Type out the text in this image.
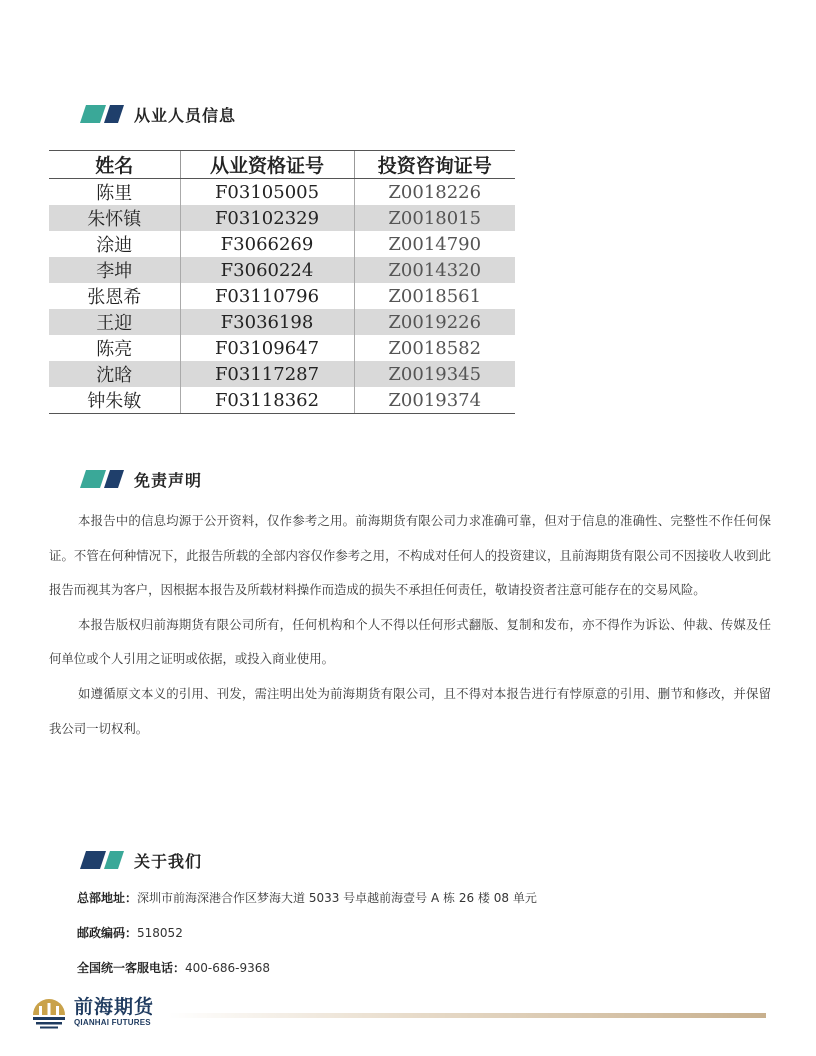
从业人员信息
姓名	从业资格证号	投资咨询证号
陈里	F03105005	Z0018226
朱怀镇	F03102329	Z0018015
涂迪	F3066269	Z0014790
李坤	F3060224	Z0014320
张恩希	F03110796	Z0018561
王迎	F3036198	Z0019226
陈亮	F03109647	Z0018582
沈晗	F03117287	Z0019345
钟朱敏	F03118362	Z0019374
免责声明

本报告中的信息均源于公开资料，仅作参考之用。前海期货有限公司力求准确可靠，但对于信息的准确性、完整性不作任何保证。不管在何种情况下，此报告所载的全部内容仅作参考之用，不构成对任何人的投资建议，且前海期货有限公司不因接收人收到此报告而视其为客户，因根据本报告及所载材料操作而造成的损失不承担任何责任，敬请投资者注意可能存在的交易风险。

本报告版权归前海期货有限公司所有，任何机构和个人不得以任何形式翻版、复制和发布，亦不得作为诉讼、仲裁、传媒及任何单位或个人引用之证明或依据，或投入商业使用。

如遵循原文本义的引用、刊发，需注明出处为前海期货有限公司，且不得对本报告进行有悖原意的引用、删节和修改，并保留我公司一切权利。

关于我们
总部地址：深圳市前海深港合作区梦海大道 5033 号卓越前海壹号 A 栋 26 楼 08 单元
邮政编码：518052
全国统一客服电话：400-686-9368
前海期货
QIANHAI FUTURES
